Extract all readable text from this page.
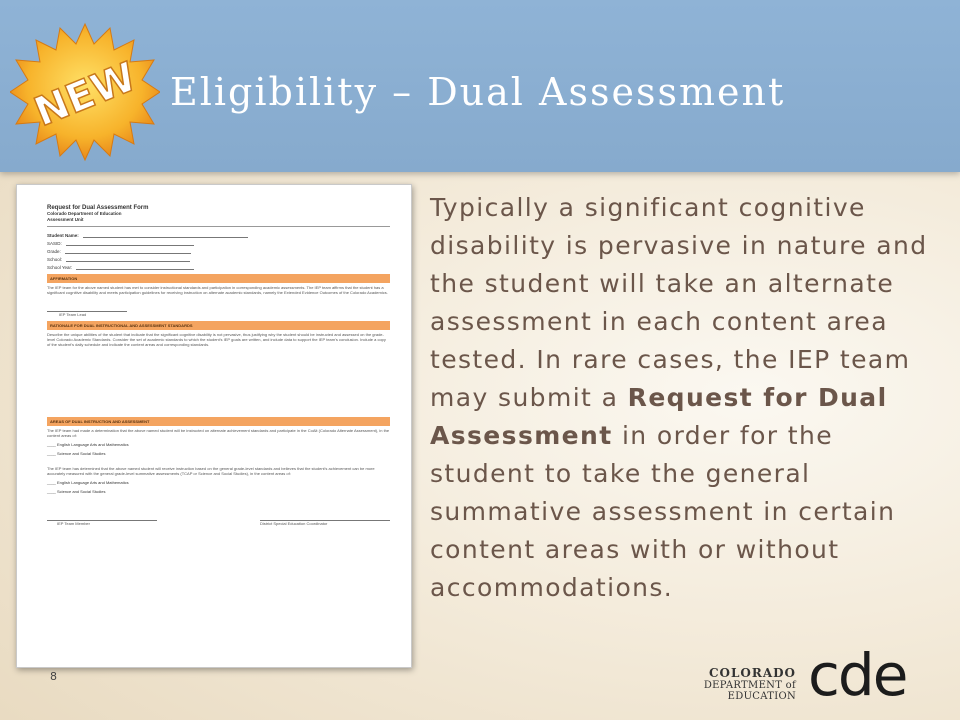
Eligibility – Dual Assessment
NEW
Request for Dual Assessment Form
Colorado Department of Education
Assessment Unit
Student Name:
SASID:
Grade:
School:
School Year:
AFFIRMATION
The IEP team for the above named student has met to consider instructional standards and participation in corresponding academic assessments. The IEP team affirms that the student has a significant cognitive disability and meets participation guidelines for receiving instruction on alternate academic standards, namely the Extended Evidence Outcomes of the Colorado Academics.
IEP Team Lead
RATIONALE FOR DUAL INSTRUCTIONAL AND ASSESSMENT STANDARDS
Describe the unique abilities of the student that indicate that the significant cognitive disability is not pervasive, thus justifying why the student should be instructed and assessed on the grade-level Colorado Academic Standards. Consider the set of academic standards to which the student's IEP goals are written, and include data to support the IEP team's conclusion. Include a copy of the student's daily schedule and indicate the content areas and corresponding standards.
AREAS OF DUAL INSTRUCTION AND ASSESSMENT
The IEP team had made a determination that the above named student will be instructed on alternate achievement standards and participate in the CoAlt (Colorado Alternate Assessment), in the content areas of:
____ English Language Arts and Mathematics
____ Science and Social Studies
The IEP team has determined that the above named student will receive instruction based on the general grade-level standards and believes that the student's achievement can be more accurately measured with the general grade-level summative assessments (TCAP or Science and Social Studies), in the content areas of:
____ English Language Arts and Mathematics
____ Science and Social Studies
IEP Team Member	District Special Education Coordinator

Typically a significant cognitive disability is pervasive in nature and the student will take an alternate assessment in each content area tested. In rare cases, the IEP team may submit a Request for Dual Assessment in order for the student to take the general summative assessment in certain content areas with or without accommodations.

8	COLORADO
DEPARTMENT of EDUCATION cde
